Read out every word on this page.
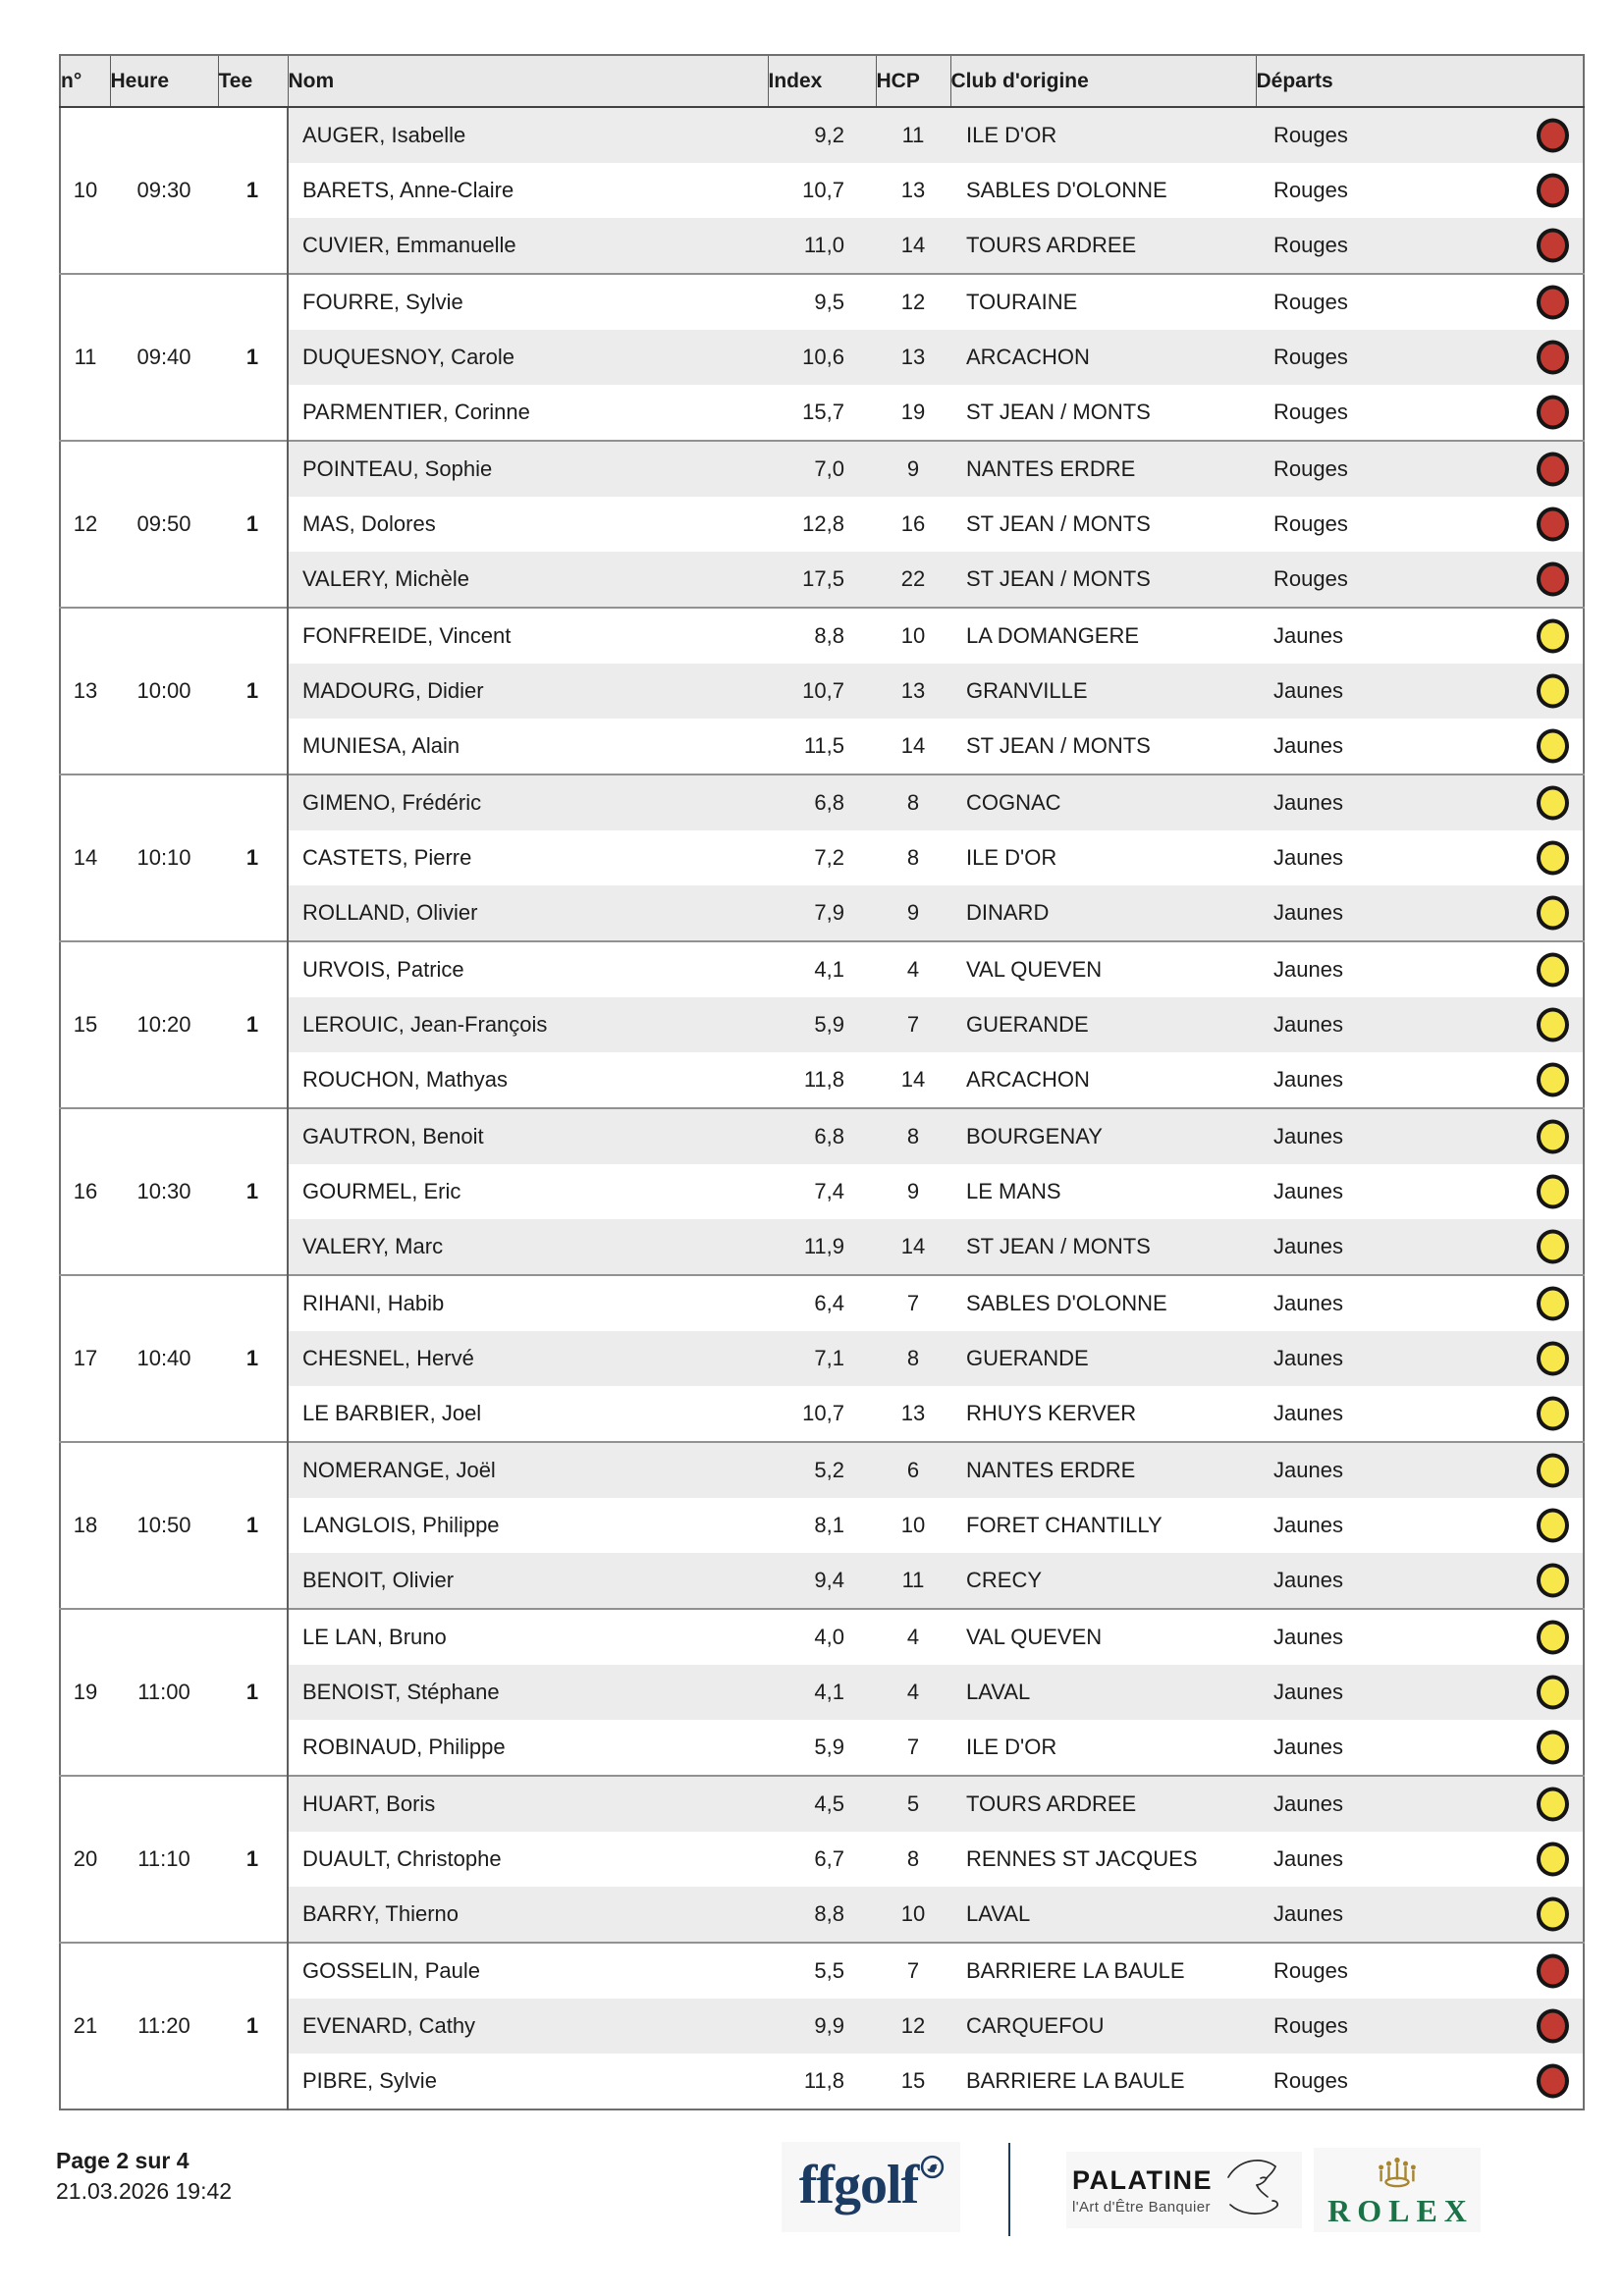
n°	Heure	Tee	Nom	Index	HCP	Club d'origine	Départs
10	09:30	1	AUGER, Isabelle	9,2	11	ILE D'OR	Rouges

			BARETS, Anne-Claire	10,7	13	SABLES D'OLONNE	Rouges

			CUVIER, Emmanuelle	11,0	14	TOURS ARDREE	Rouges

11	09:40	1	FOURRE, Sylvie	9,5	12	TOURAINE	Rouges

			DUQUESNOY, Carole	10,6	13	ARCACHON	Rouges

			PARMENTIER, Corinne	15,7	19	ST JEAN / MONTS	Rouges

12	09:50	1	POINTEAU, Sophie	7,0	9	NANTES ERDRE	Rouges

			MAS, Dolores	12,8	16	ST JEAN / MONTS	Rouges

			VALERY, Michèle	17,5	22	ST JEAN / MONTS	Rouges

13	10:00	1	FONFREIDE, Vincent	8,8	10	LA DOMANGERE	Jaunes

			MADOURG, Didier	10,7	13	GRANVILLE	Jaunes

			MUNIESA, Alain	11,5	14	ST JEAN / MONTS	Jaunes

14	10:10	1	GIMENO, Frédéric	6,8	8	COGNAC	Jaunes

			CASTETS, Pierre	7,2	8	ILE D'OR	Jaunes

			ROLLAND, Olivier	7,9	9	DINARD	Jaunes

15	10:20	1	URVOIS, Patrice	4,1	4	VAL QUEVEN	Jaunes

			LEROUIC, Jean-François	5,9	7	GUERANDE	Jaunes

			ROUCHON, Mathyas	11,8	14	ARCACHON	Jaunes

16	10:30	1	GAUTRON, Benoit	6,8	8	BOURGENAY	Jaunes

			GOURMEL, Eric	7,4	9	LE MANS	Jaunes

			VALERY, Marc	11,9	14	ST JEAN / MONTS	Jaunes

17	10:40	1	RIHANI, Habib	6,4	7	SABLES D'OLONNE	Jaunes

			CHESNEL, Hervé	7,1	8	GUERANDE	Jaunes

			LE BARBIER, Joel	10,7	13	RHUYS KERVER	Jaunes

18	10:50	1	NOMERANGE, Joël	5,2	6	NANTES ERDRE	Jaunes

			LANGLOIS, Philippe	8,1	10	FORET CHANTILLY	Jaunes

			BENOIT, Olivier	9,4	11	CRECY	Jaunes

19	11:00	1	LE LAN, Bruno	4,0	4	VAL QUEVEN	Jaunes

			BENOIST, Stéphane	4,1	4	LAVAL	Jaunes

			ROBINAUD, Philippe	5,9	7	ILE D'OR	Jaunes

20	11:10	1	HUART, Boris	4,5	5	TOURS ARDREE	Jaunes

			DUAULT, Christophe	6,7	8	RENNES ST JACQUES	Jaunes

			BARRY, Thierno	8,8	10	LAVAL	Jaunes

21	11:20	1	GOSSELIN, Paule	5,5	7	BARRIERE LA BAULE	Rouges

			EVENARD, Cathy	9,9	12	CARQUEFOU	Rouges

			PIBRE, Sylvie	11,8	15	BARRIERE LA BAULE	Rouges
Page 2 sur 4
21.03.2026 19:42	ffgolf	PALATINE
l'Art d'Être Banquier	ROLEX
